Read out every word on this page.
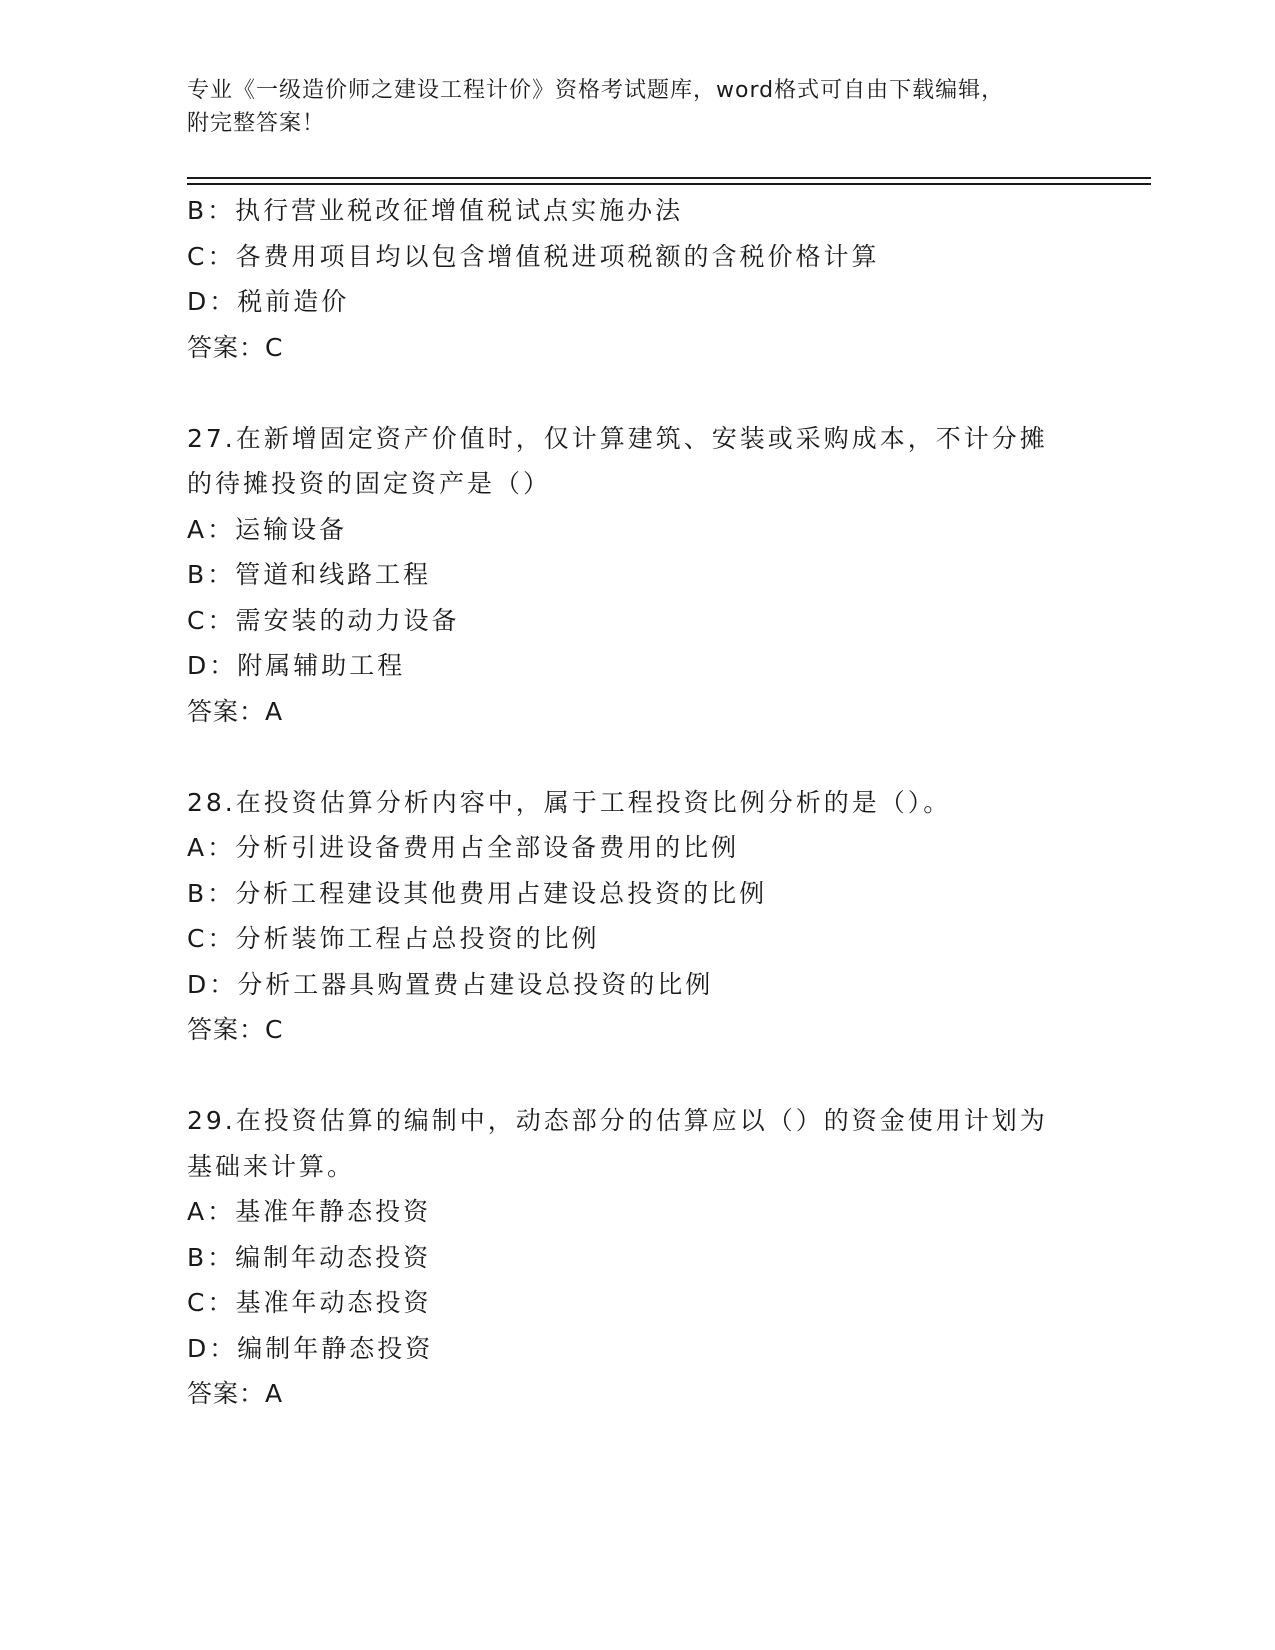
专业《一级造价师之建设工程计价》资格考试题库，word格式可自由下载编辑，
附完整答案！
B：执行营业税改征增值税试点实施办法
C：各费用项目均以包含增值税进项税额的含税价格计算
D：税前造价
答案：C
27.在新增固定资产价值时，仅计算建筑、安装或采购成本，不计分摊
的待摊投资的固定资产是（）
A：运输设备
B：管道和线路工程
C：需安装的动力设备
D：附属辅助工程
答案：A
28.在投资估算分析内容中，属于工程投资比例分析的是（）。
A：分析引进设备费用占全部设备费用的比例
B：分析工程建设其他费用占建设总投资的比例
C：分析装饰工程占总投资的比例
D：分析工器具购置费占建设总投资的比例
答案：C
29.在投资估算的编制中，动态部分的估算应以（）的资金使用计划为
基础来计算。
A：基准年静态投资
B：编制年动态投资
C：基准年动态投资
D：编制年静态投资
答案：A
